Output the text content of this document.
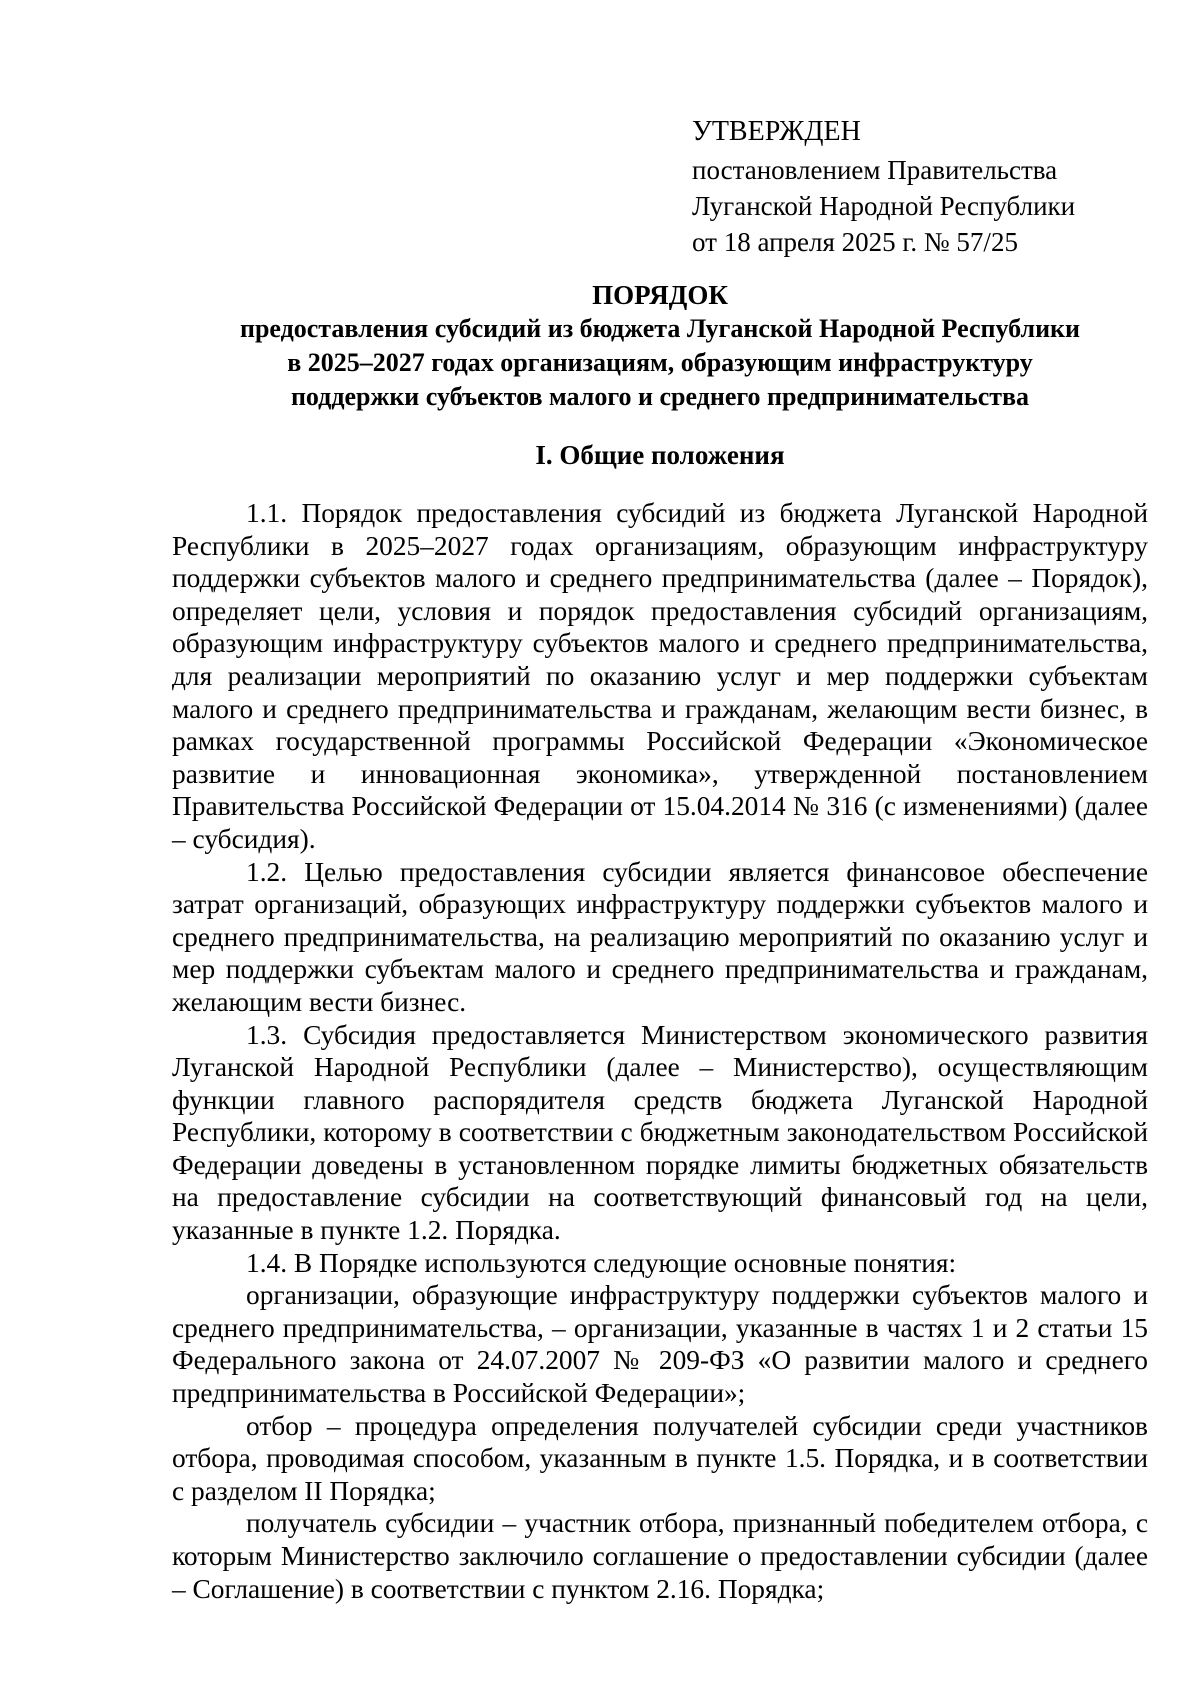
УТВЕРЖДЕН
постановлением Правительства
Луганской Народной Республики
от 18 апреля 2025 г. № 57/25
ПОРЯДОК
предоставления субсидий из бюджета Луганской Народной Республики
в 2025–2027 годах организациям, образующим инфраструктуру
поддержки субъектов малого и среднего предпринимательства
I. Общие положения

1.1. Порядок предоставления субсидий из бюджета Луганской Народной Республики в 2025–2027 годах организациям, образующим инфраструктуру поддержки субъектов малого и среднего предпринимательства (далее – Порядок), определяет цели, условия и порядок предоставления субсидий организациям, образующим инфраструктуру субъектов малого и среднего предпринимательства, для реализации мероприятий по оказанию услуг и мер поддержки субъектам малого и среднего предпринимательства и гражданам, желающим вести бизнес, в рамках государственной программы Российской Федерации «Экономическое развитие и инновационная экономика», утвержденной постановлением Правительства Российской Федерации от 15.04.2014 № 316 (с изменениями) (далее – субсидия).

1.2. Целью предоставления субсидии является финансовое обеспечение затрат организаций, образующих инфраструктуру поддержки субъектов малого и среднего предпринимательства, на реализацию мероприятий по оказанию услуг и мер поддержки субъектам малого и среднего предпринимательства и гражданам, желающим вести бизнес.

1.3. Субсидия предоставляется Министерством экономического развития Луганской Народной Республики (далее – Министерство), осуществляющим функции главного распорядителя средств бюджета Луганской Народной Республики, которому в соответствии с бюджетным законодательством Российской Федерации доведены в установленном порядке лимиты бюджетных обязательств на предоставление субсидии на соответствующий финансовый год на цели, указанные в пункте 1.2. Порядка.

1.4. В Порядке используются следующие основные понятия:

организации, образующие инфраструктуру поддержки субъектов малого и среднего предпринимательства, – организации, указанные в частях 1 и 2 статьи 15 Федерального закона от 24.07.2007 № 209-ФЗ «О развитии малого и среднего предпринимательства в Российской Федерации»;

отбор – процедура определения получателей субсидии среди участников отбора, проводимая способом, указанным в пункте 1.5. Порядка, и в соответствии с разделом II Порядка;

получатель субсидии – участник отбора, признанный победителем отбора, с которым Министерство заключило соглашение о предоставлении субсидии (далее – Соглашение) в соответствии с пунктом 2.16. Порядка;
